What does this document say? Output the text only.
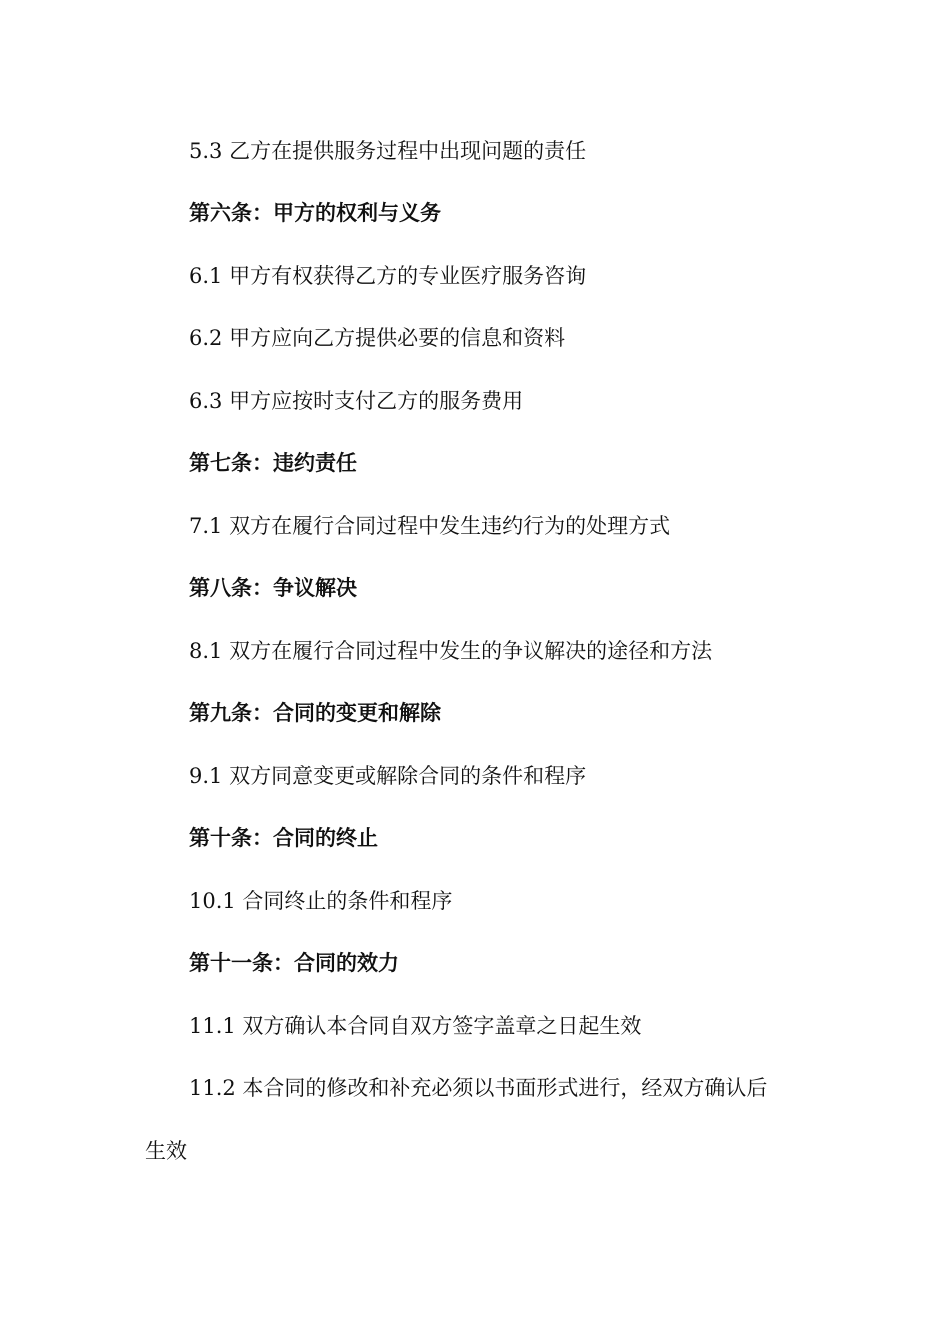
5.3 乙方在提供服务过程中出现问题的责任
第六条：甲方的权利与义务
6.1 甲方有权获得乙方的专业医疗服务咨询
6.2 甲方应向乙方提供必要的信息和资料
6.3 甲方应按时支付乙方的服务费用
第七条：违约责任
7.1 双方在履行合同过程中发生违约行为的处理方式
第八条：争议解决
8.1 双方在履行合同过程中发生的争议解决的途径和方法
第九条：合同的变更和解除
9.1 双方同意变更或解除合同的条件和程序
第十条：合同的终止
10.1 合同终止的条件和程序
第十一条：合同的效力
11.1 双方确认本合同自双方签字盖章之日起生效
11.2 本合同的修改和补充必须以书面形式进行，经双方确认后
生效
